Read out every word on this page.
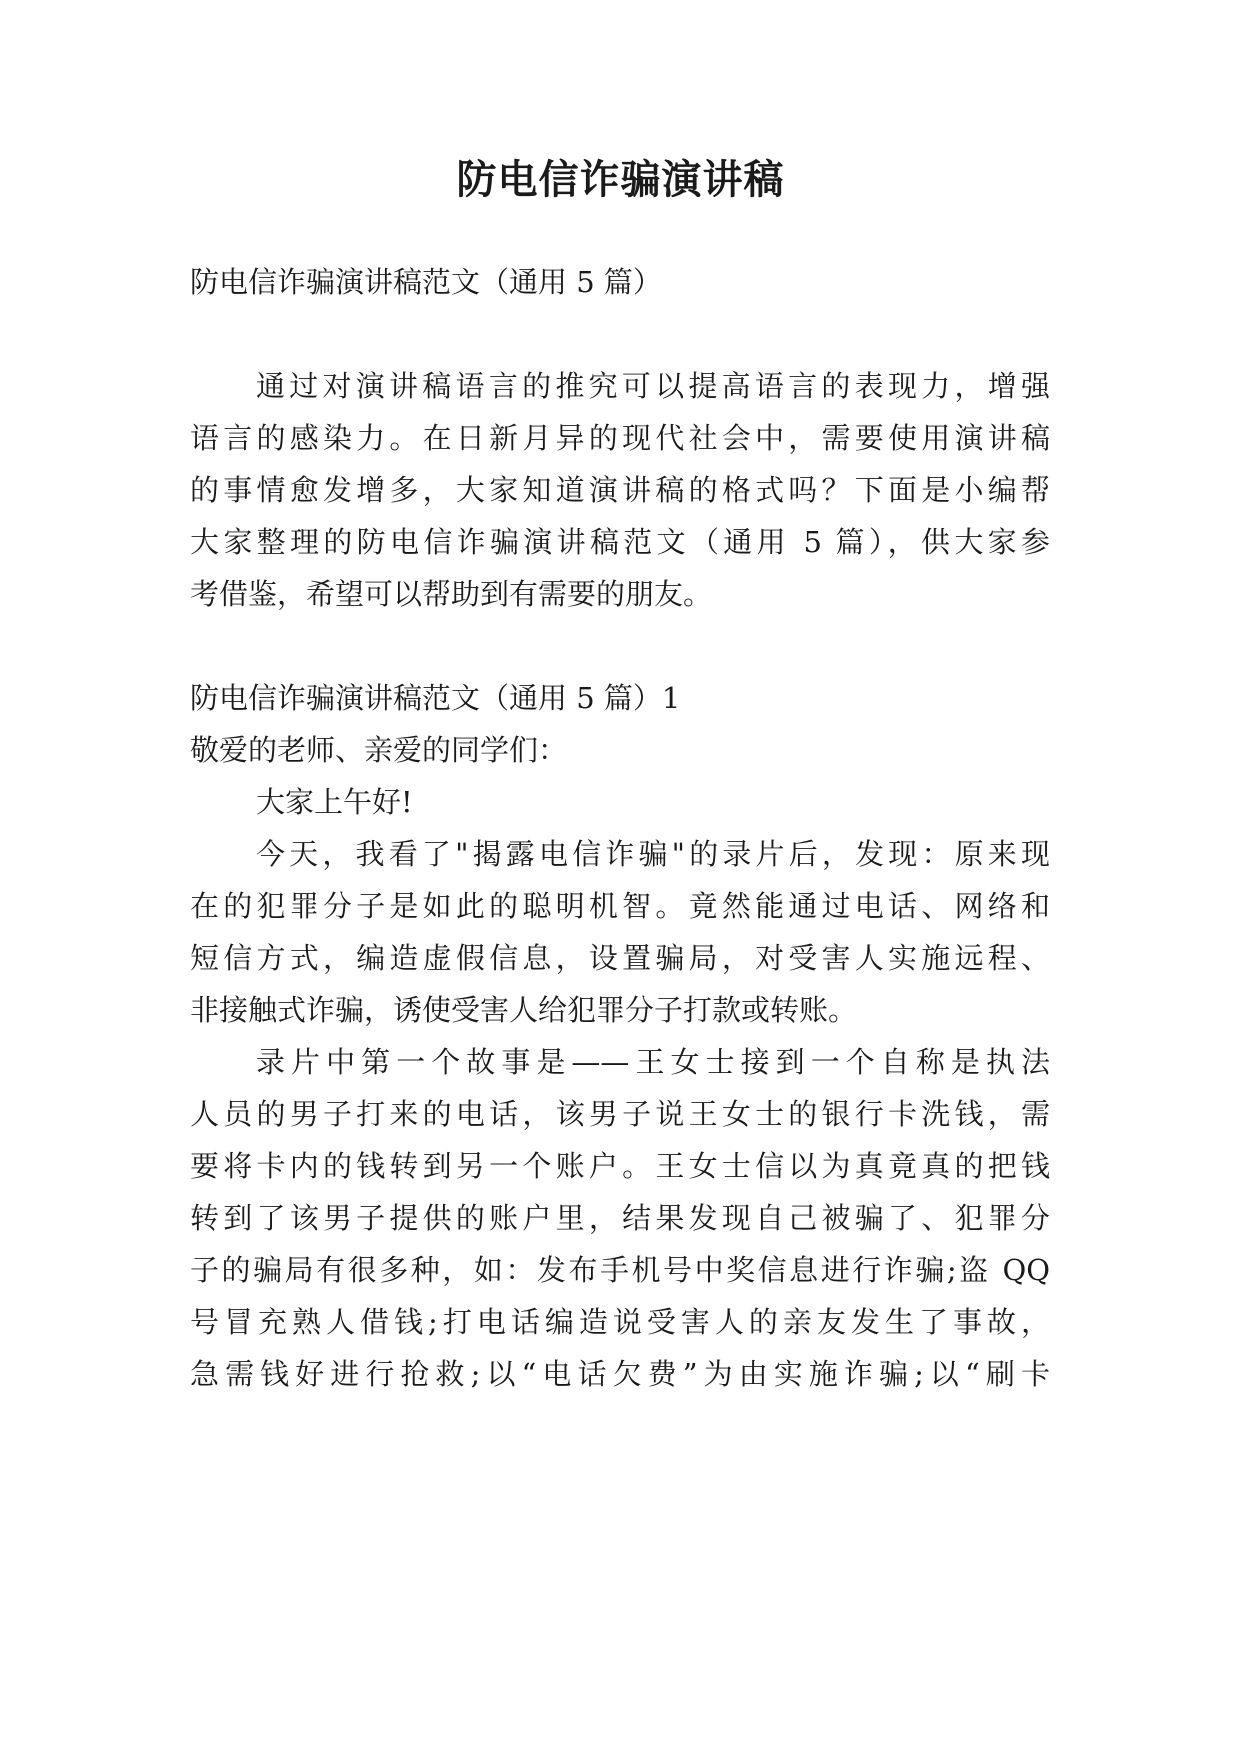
防电信诈骗演讲稿

防电信诈骗演讲稿范文（通用 5 篇）

通过对演讲稿语言的推究可以提高语言的表现力，增强

语言的感染力。在日新月异的现代社会中，需要使用演讲稿

的事情愈发增多，大家知道演讲稿的格式吗？下面是小编帮

大家整理的防电信诈骗演讲稿范文（通用 5 篇），供大家参

考借鉴，希望可以帮助到有需要的朋友。

防电信诈骗演讲稿范文（通用 5 篇）1

敬爱的老师、亲爱的同学们：

大家上午好!

今天，我看了"揭露电信诈骗"的录片后，发现：原来现

在的犯罪分子是如此的聪明机智。竟然能通过电话、网络和

短信方式，编造虚假信息，设置骗局，对受害人实施远程、

非接触式诈骗，诱使受害人给犯罪分子打款或转账。

录片中第一个故事是——王女士接到一个自称是执法

人员的男子打来的电话，该男子说王女士的银行卡洗钱，需

要将卡内的钱转到另一个账户。王女士信以为真竟真的把钱

转到了该男子提供的账户里，结果发现自己被骗了、犯罪分

子的骗局有很多种，如：发布手机号中奖信息进行诈骗;盗 QQ

号冒充熟人借钱;打电话编造说受害人的亲友发生了事故，

急需钱好进行抢救;以“电话欠费”为由实施诈骗;以“刷卡
